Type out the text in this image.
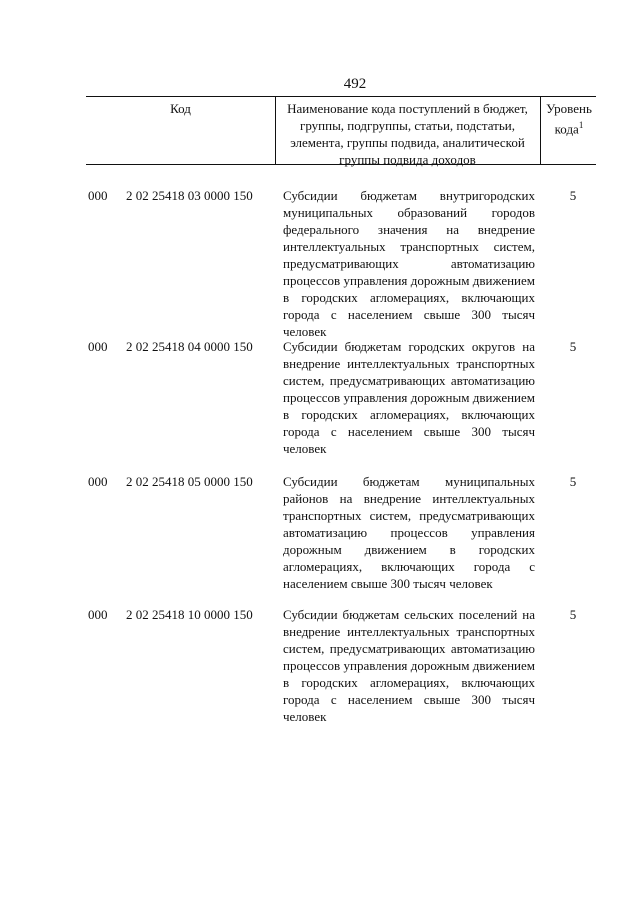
492
Код	Наименование кода поступлений в бюджет, группы, подгруппы, статьи, подстатьи, элемента, группы подвида, аналитической группы подвида доходов
Уровень кода$^1$
000 2 02 25418 03 0000 150 Субсидии бюджетам внутригородских муниципальных образований городов федерального значения на внедрение интеллектуальных транспортных систем, предусматривающих автоматизацию процессов управления дорожным движением в городских агломерациях, включающих города с населением свыше 300 тысяч человек
5
000 2 02 25418 04 0000 150 Субсидии бюджетам городских округов на внедрение интеллектуальных транспортных систем, предусматривающих автоматизацию процессов управления дорожным движением в городских агломерациях, включающих города с населением свыше 300 тысяч человек
5
000 2 02 25418 05 0000 150 Субсидии бюджетам муниципальных районов на внедрение интеллектуальных транспортных систем, предусматривающих автоматизацию процессов управления дорожным движением в городских агломерациях, включающих города с населением свыше 300 тысяч человек
5
000 2 02 25418 10 0000 150 Субсидии бюджетам сельских поселений на внедрение интеллектуальных транспортных систем, предусматривающих автоматизацию процессов управления дорожным движением в городских агломерациях, включающих города с населением свыше 300 тысяч человек
5
